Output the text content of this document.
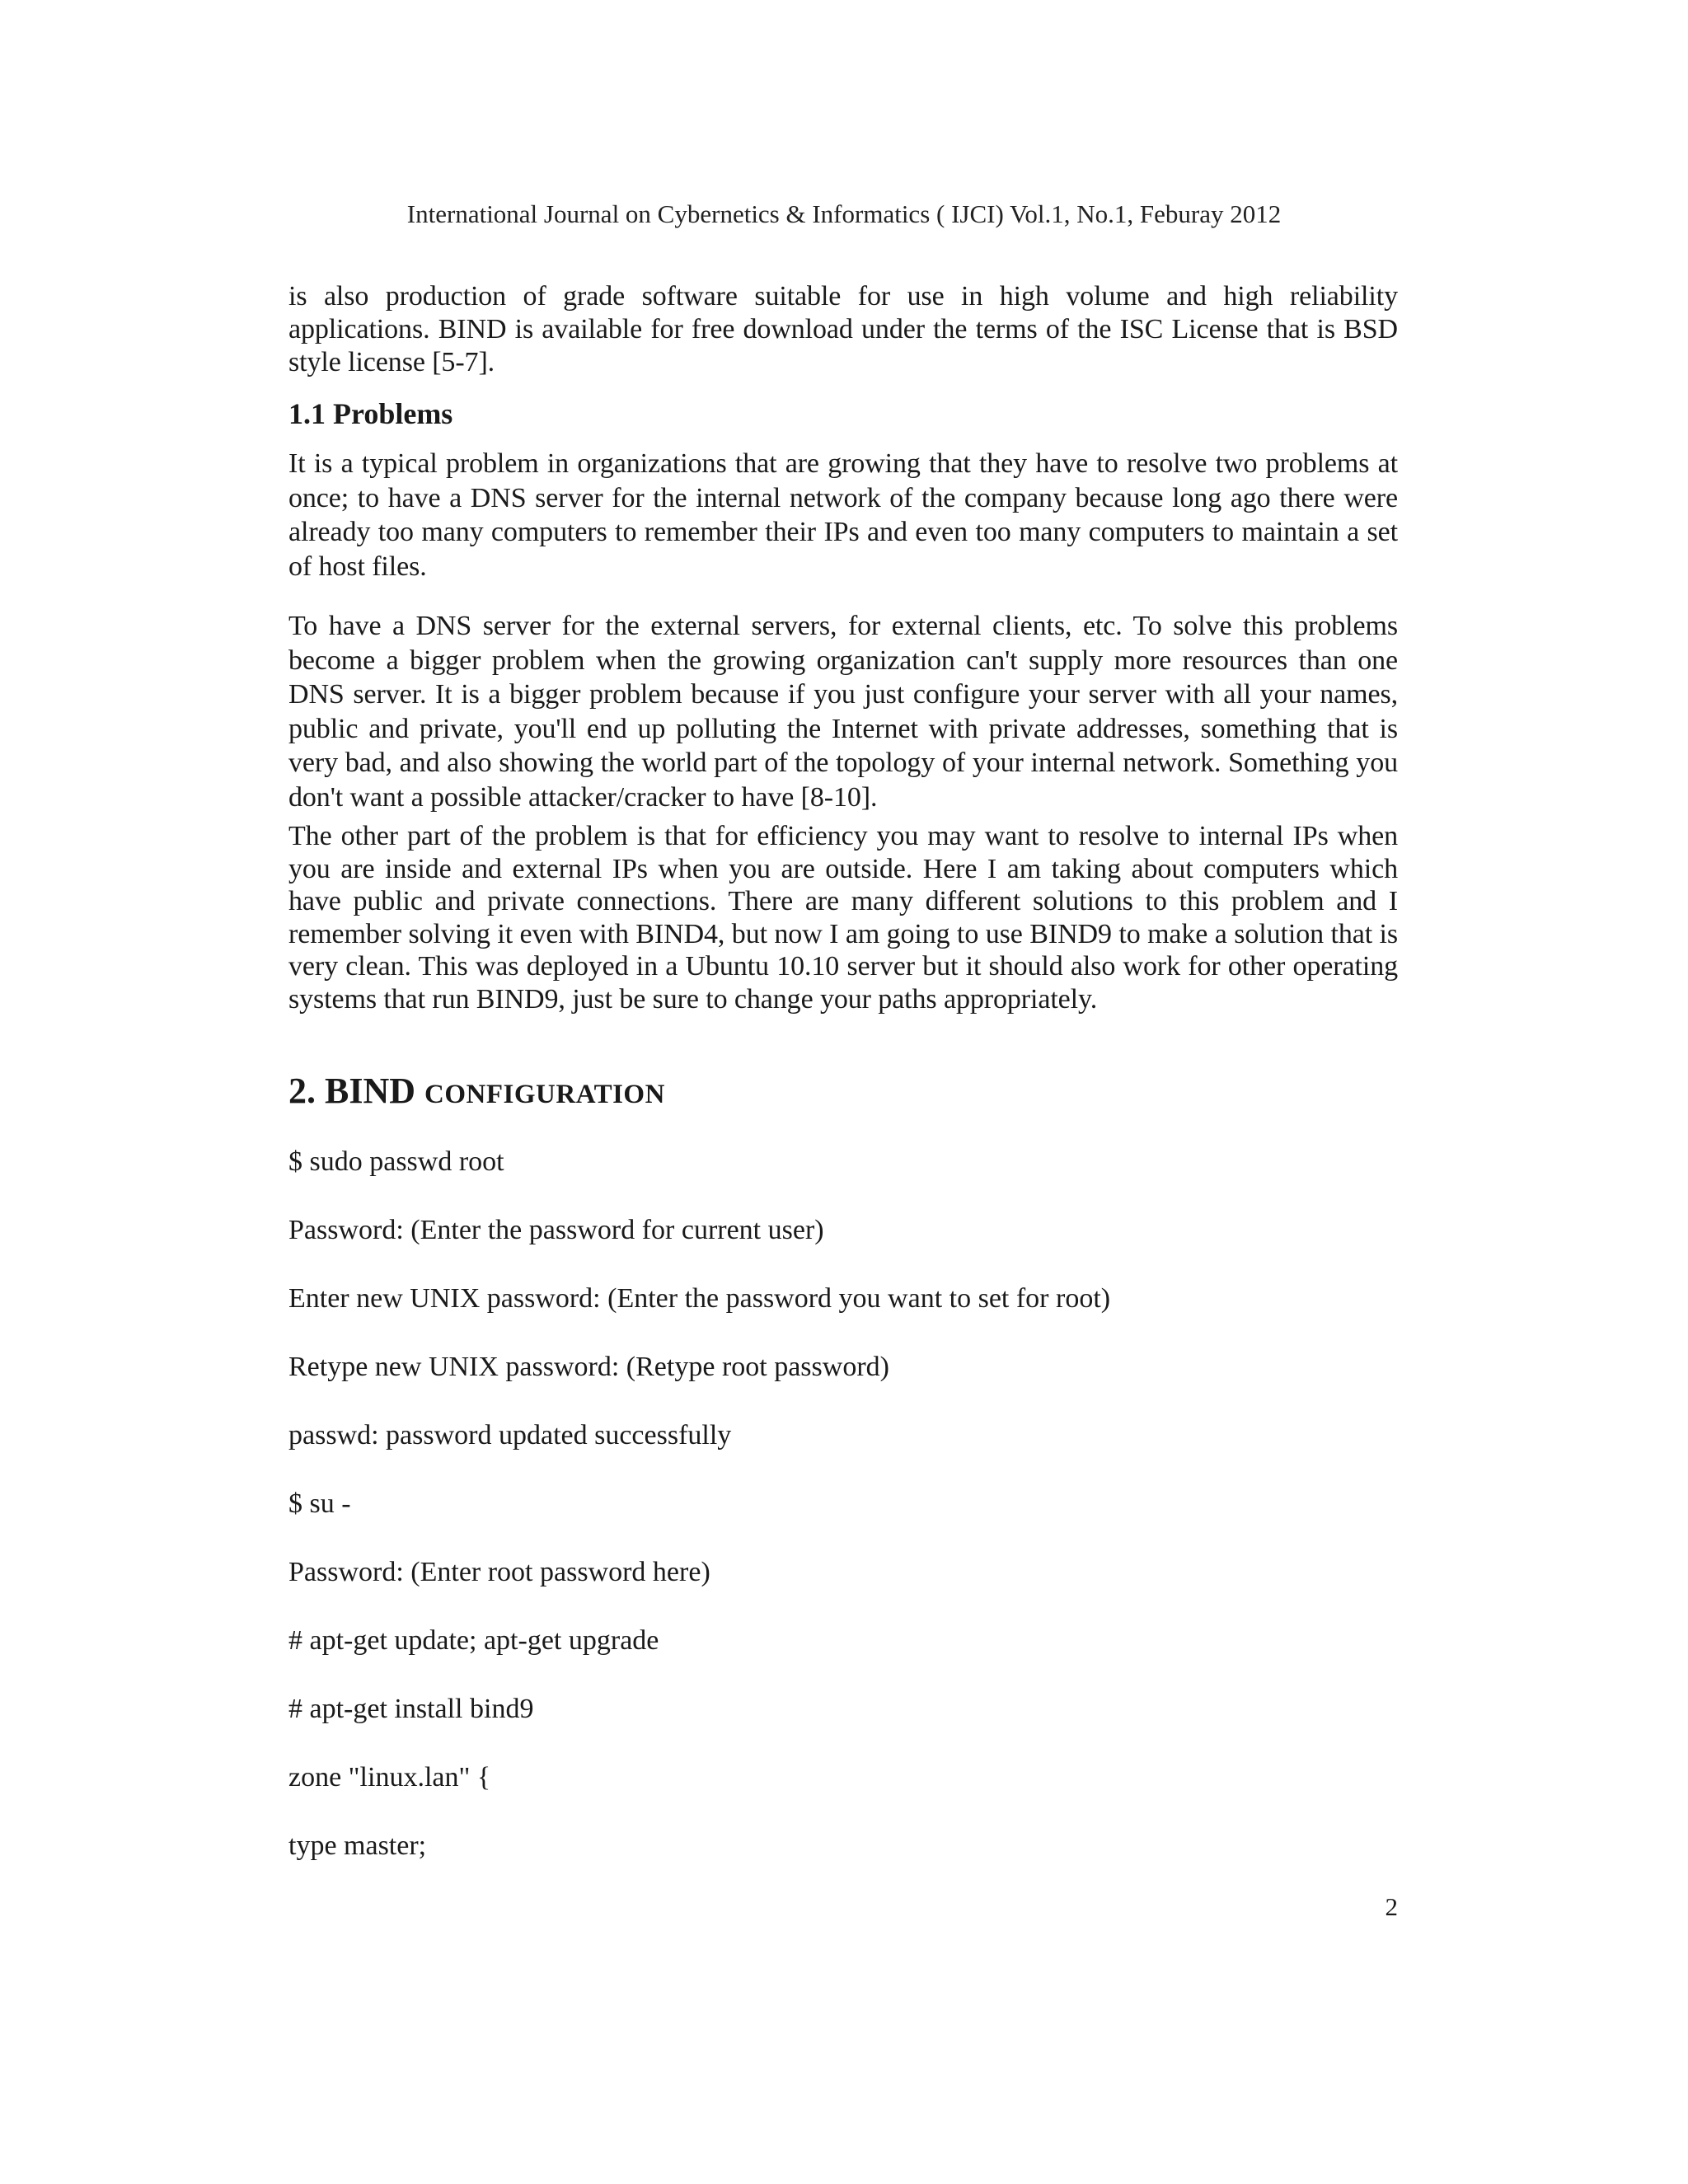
International Journal on Cybernetics & Informatics ( IJCI) Vol.1, No.1, Feburay 2012

is also production of grade software suitable for use in high volume and high reliability applications. BIND is available for free download under the terms of the ISC License that is BSD style license [5-7].

1.1 Problems

It is a typical problem in organizations that are growing that they have to resolve two problems at once; to have a DNS server for the internal network of the company because long ago there were already too many computers to remember their IPs and even too many computers to maintain a set of host files.

To have a DNS server for the external servers, for external clients, etc. To solve this problems become a bigger problem when the growing organization can't supply more resources than one DNS server. It is a bigger problem because if you just configure your server with all your names, public and private, you'll end up polluting the Internet with private addresses, something that is very bad, and also showing the world part of the topology of your internal network. Something you don't want a possible attacker/cracker to have [8-10].

The other part of the problem is that for efficiency you may want to resolve to internal IPs when you are inside and external IPs when you are outside. Here I am taking about computers which have public and private connections. There are many different solutions to this problem and I remember solving it even with BIND4, but now I am going to use BIND9 to make a solution that is very clean. This was deployed in a Ubuntu 10.10 server but it should also work for other operating systems that run BIND9, just be sure to change your paths appropriately.

2. BIND CONFIGURATION

$ sudo passwd root

Password: (Enter the password for current user)

Enter new UNIX password: (Enter the password you want to set for root)

Retype new UNIX password: (Retype root password)

passwd: password updated successfully

$ su -

Password: (Enter root password here)

# apt-get update; apt-get upgrade

# apt-get install bind9

zone "linux.lan" {

type master;

2
